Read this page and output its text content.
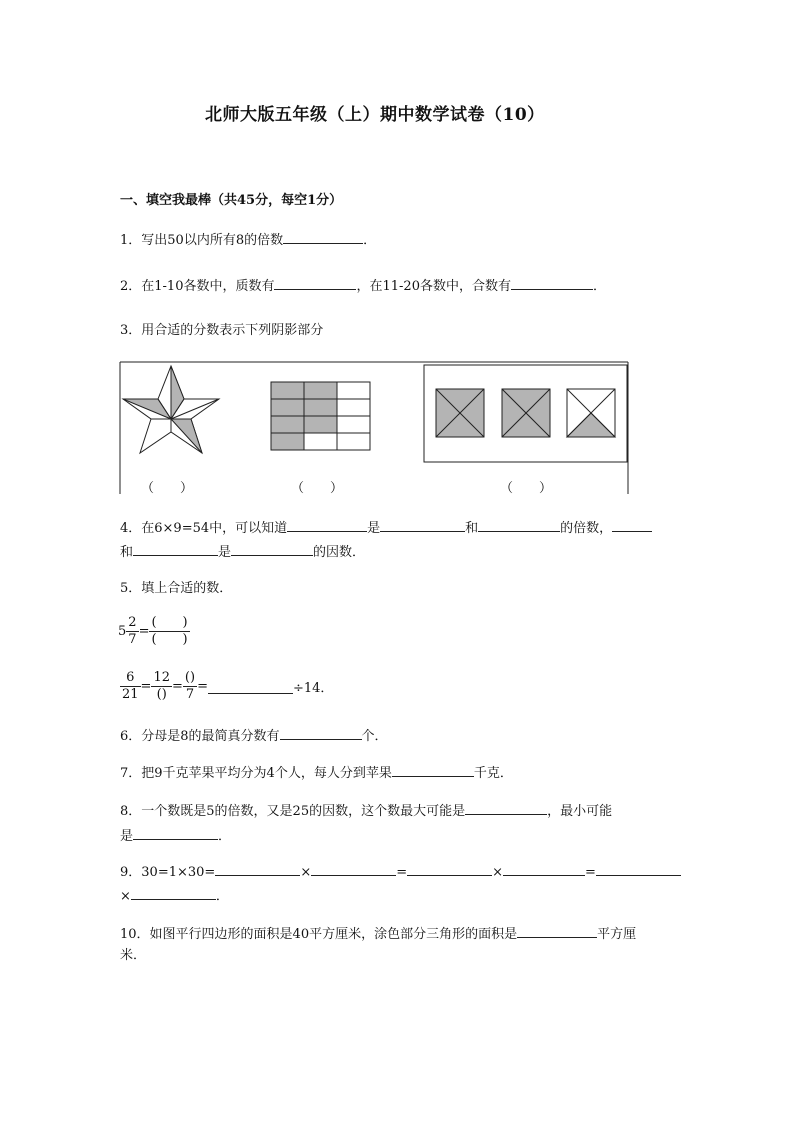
北师大版五年级（上）期中数学试卷（10）
一、填空我最棒（共45分，每空1分）
1．写出50以内所有8的倍数	．
2．在1-10各数中，质数有	，在11-20各数中，合数有	．
3．用合适的分数表示下列阴影部分
（　　）	（　　）	（　　）
4．在6×9=54中，可以知道	是	和	的倍数，
和	是	的因数．
5．填上合适的数．
$5 \frac{2}{7} = \frac{( )}{( )}$
$\frac{6}{21} = \frac{12}{()} = \frac{()}{7}$ =	÷14．
6．分母是8的最简真分数有	个．
7．把9千克苹果平均分为4个人，每人分到苹果	千克．
8．一个数既是5的倍数，又是25的因数，这个数最大可能是	，最小可能
是	．
9．30=1×30=	×	=	×	=
×	．
10．如图平行四边形的面积是40平方厘米，涂色部分三角形的面积是	平方厘
米．
